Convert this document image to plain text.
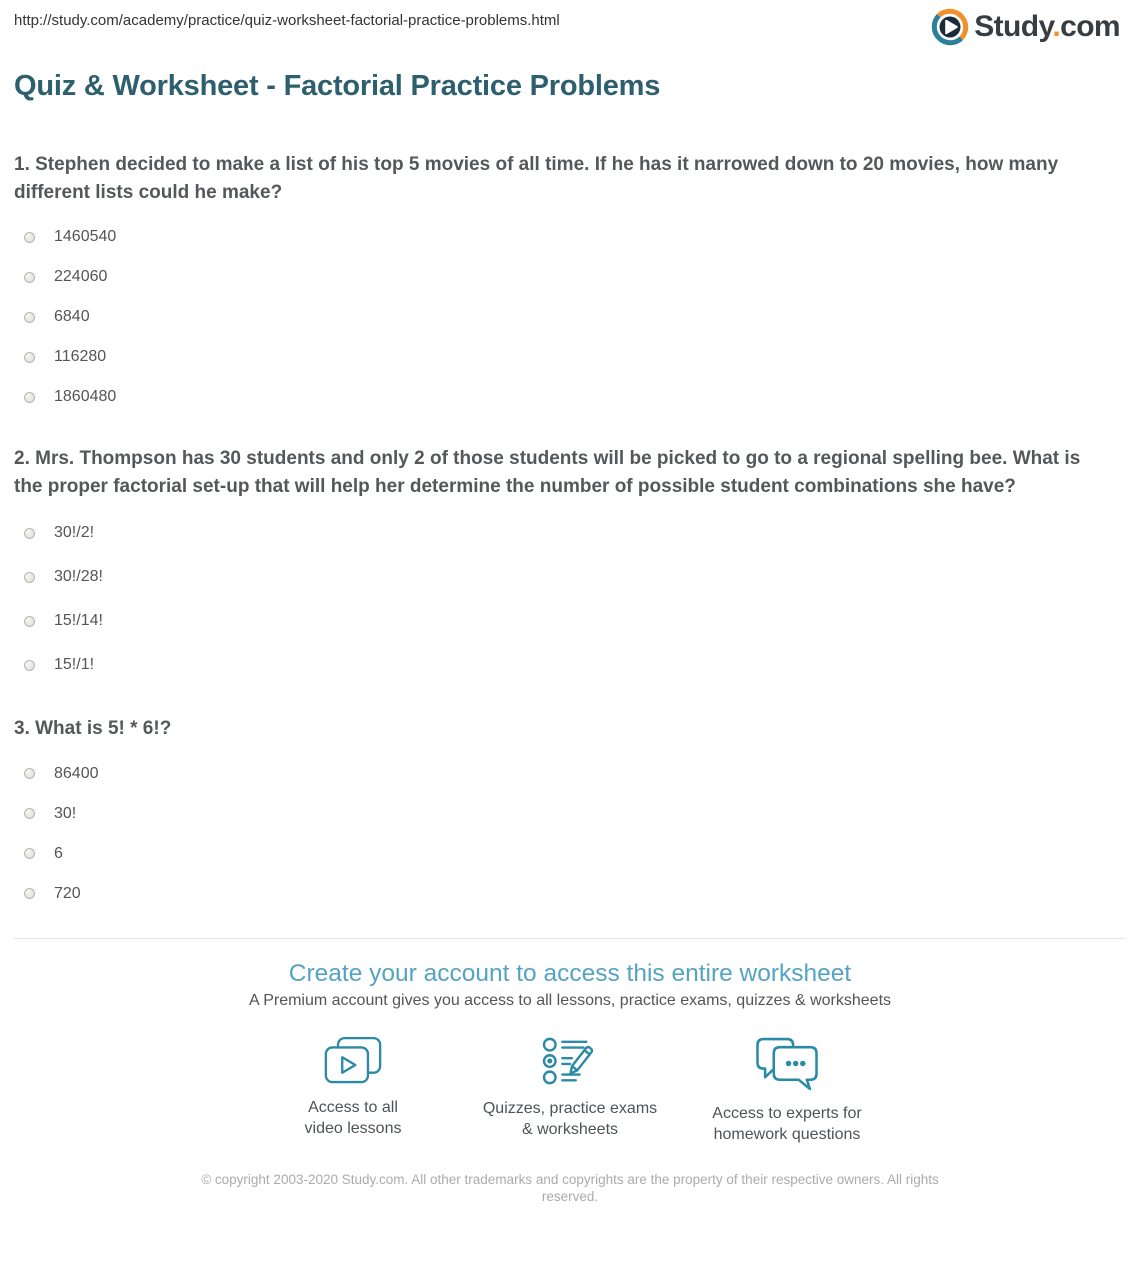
http://study.com/academy/practice/quiz-worksheet-factorial-practice-problems.html	Study.com
Quiz & Worksheet - Factorial Practice Problems
1. Stephen decided to make a list of his top 5 movies of all time. If he has it narrowed down to 20 movies, how many different lists could he make?
1460540
224060
6840
116280
1860480
2. Mrs. Thompson has 30 students and only 2 of those students will be picked to go to a regional spelling bee. What is the proper factorial set-up that will help her determine the number of possible student combinations she have?
30!/2!
30!/28!
15!/14!
15!/1!
3. What is 5! * 6!?
86400
30!
6
720
Create your account to access this entire worksheet

A Premium account gives you access to all lessons, practice exams, quizzes & worksheets

Access to all
video lessons
Quizzes, practice exams
& worksheets
Access to experts for
homework questions

© copyright 2003-2020 Study.com. All other trademarks and copyrights are the property of their respective owners. All rights reserved.
